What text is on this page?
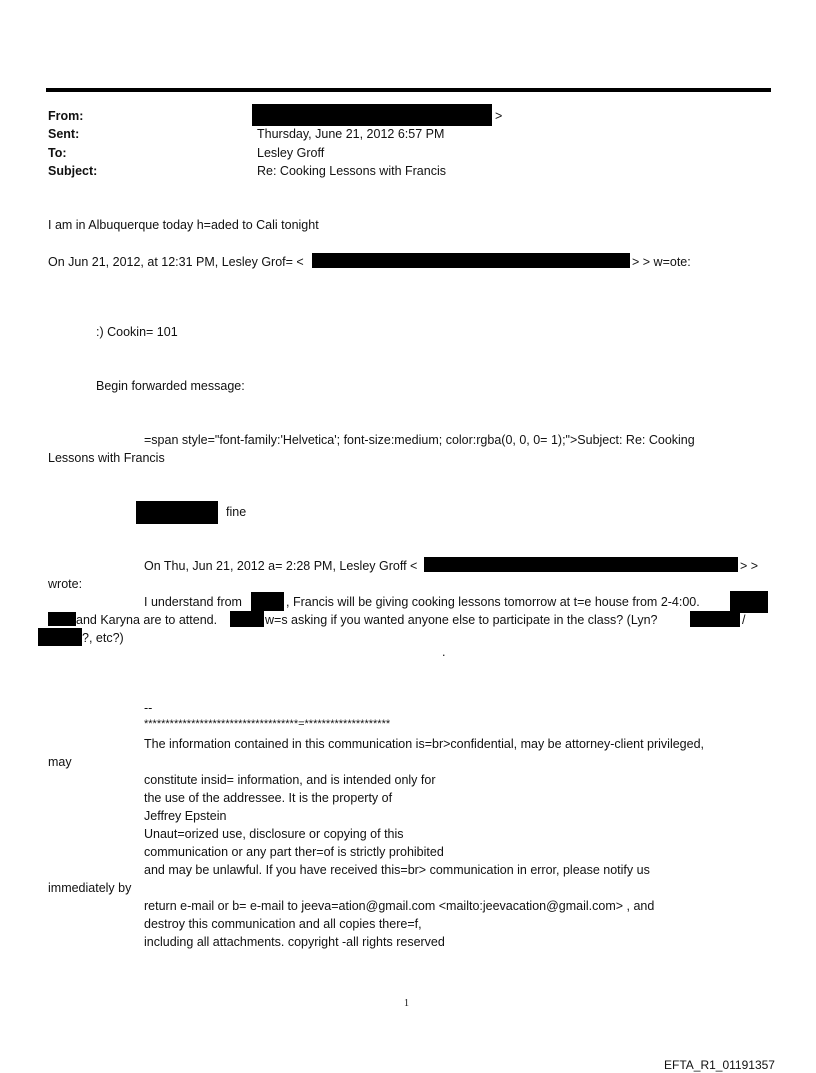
From:	>
Sent:	Thursday, June 21, 2012 6:57 PM
To:	Lesley Groff
Subject:	Re: Cooking Lessons with Francis
I am in Albuquerque today h=aded to Cali tonight
On Jun 21, 2012, at 12:31 PM, Lesley Grof= <	> > w=ote:
:) Cookin= 101
Begin forwarded message:
=span style="font-family:'Helvetica'; font-size:medium; color:rgba(0, 0, 0= 1);">Subject: Re: Cooking
Lessons with Francis
fine
On Thu, Jun 21, 2012 a= 2:28 PM, Lesley Groff <	> >
wrote:
I understand from	, Francis will be giving cooking lessons tomorrow at t=e house from 2-4:00.
and Karyna are to attend.	w=s asking if you wanted anyone else to participate in the class? (Lyn?	/
?, etc?)
.
--
************************************=********************
The information contained in this communication is=br>confidential, may be attorney-client privileged,
may
constitute insid= information, and is intended only for
the use of the addressee. It is the property of
Jeffrey Epstein
Unaut=orized use, disclosure or copying of this
communication or any part ther=of is strictly prohibited
and may be unlawful. If you have received this=br> communication in error, please notify us
immediately by
return e-mail or b= e-mail to jeeva=ation@gmail.com <mailto:jeevacation@gmail.com> , and
destroy this communication and all copies there=f,
including all attachments. copyright -all rights reserved
1
EFTA_R1_01191357
